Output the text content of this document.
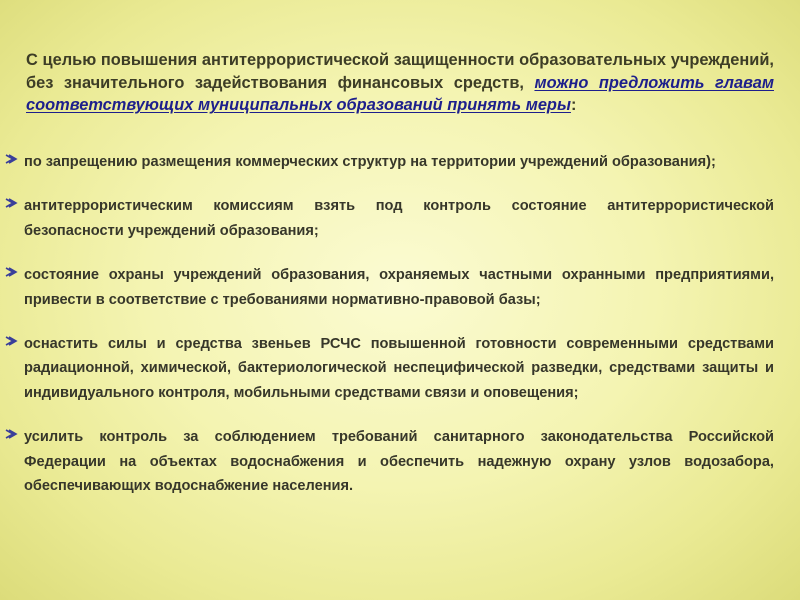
С целью повышения антитеррористической защищенности образовательных учреждений, без значительного задействования финансовых средств, можно предложить главам соответствующих муниципальных образований принять меры:

по запрещению размещения коммерческих структур на территории учреждений образования);
антитеррористическим комиссиям взять под контроль состояние антитеррористической безопасности учреждений образования;
состояние охраны учреждений образования, охраняемых частными охранными предприятиями, привести в соответствие с требованиями нормативно-правовой базы;
оснастить силы и средства звеньев РСЧС повышенной готовности современными средствами радиационной, химической, бактериологической неспецифической разведки, средствами защиты и индивидуального контроля, мобильными средствами связи и оповещения;
усилить контроль за соблюдением требований санитарного законодательства Российской Федерации на объектах водоснабжения и обеспечить надежную охрану узлов водозабора, обеспечивающих водоснабжение населения.
